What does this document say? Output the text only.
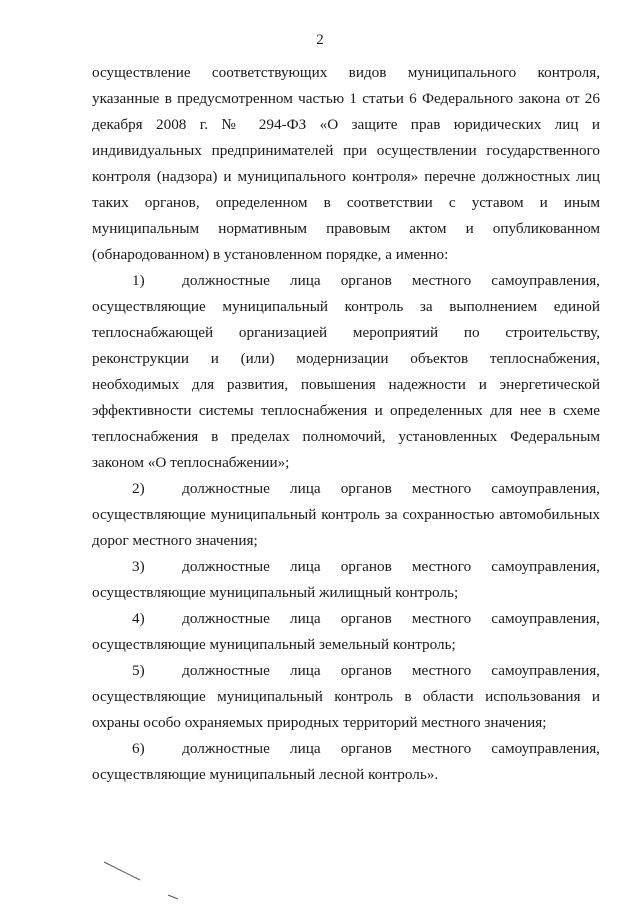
2

осуществление соответствующих видов муниципального контроля, указанные в предусмотренном частью 1 статьи 6 Федерального закона от 26 декабря 2008 г. № 294-ФЗ «О защите прав юридических лиц и индивидуальных предпринимателей при осуществлении государственного контроля (надзора) и муниципального контроля» перечне должностных лиц таких органов, определенном в соответствии с уставом и иным муниципальным нормативным правовым актом и опубликованном (обнародованном) в установленном порядке, а именно:

1)	должностные лица органов местного самоуправления,
осуществляющие муниципальный контроль за выполнением единой теплоснабжающей организацией мероприятий по строительству, реконструкции и (или) модернизации объектов теплоснабжения, необходимых для развития, повышения надежности и энергетической эффективности системы теплоснабжения и определенных для нее в схеме теплоснабжения в пределах полномочий, установленных Федеральным законом «О теплоснабжении»;
2)	должностные лица органов местного самоуправления,
осуществляющие муниципальный контроль за сохранностью автомобильных дорог местного значения;
3)	должностные лица органов местного самоуправления,
осуществляющие муниципальный жилищный контроль;
4)	должностные лица органов местного самоуправления,
осуществляющие муниципальный земельный контроль;
5)	должностные лица органов местного самоуправления,
осуществляющие муниципальный контроль в области использования и охраны особо охраняемых природных территорий местного значения;
6)	должностные лица органов местного самоуправления,
осуществляющие муниципальный лесной контроль».
